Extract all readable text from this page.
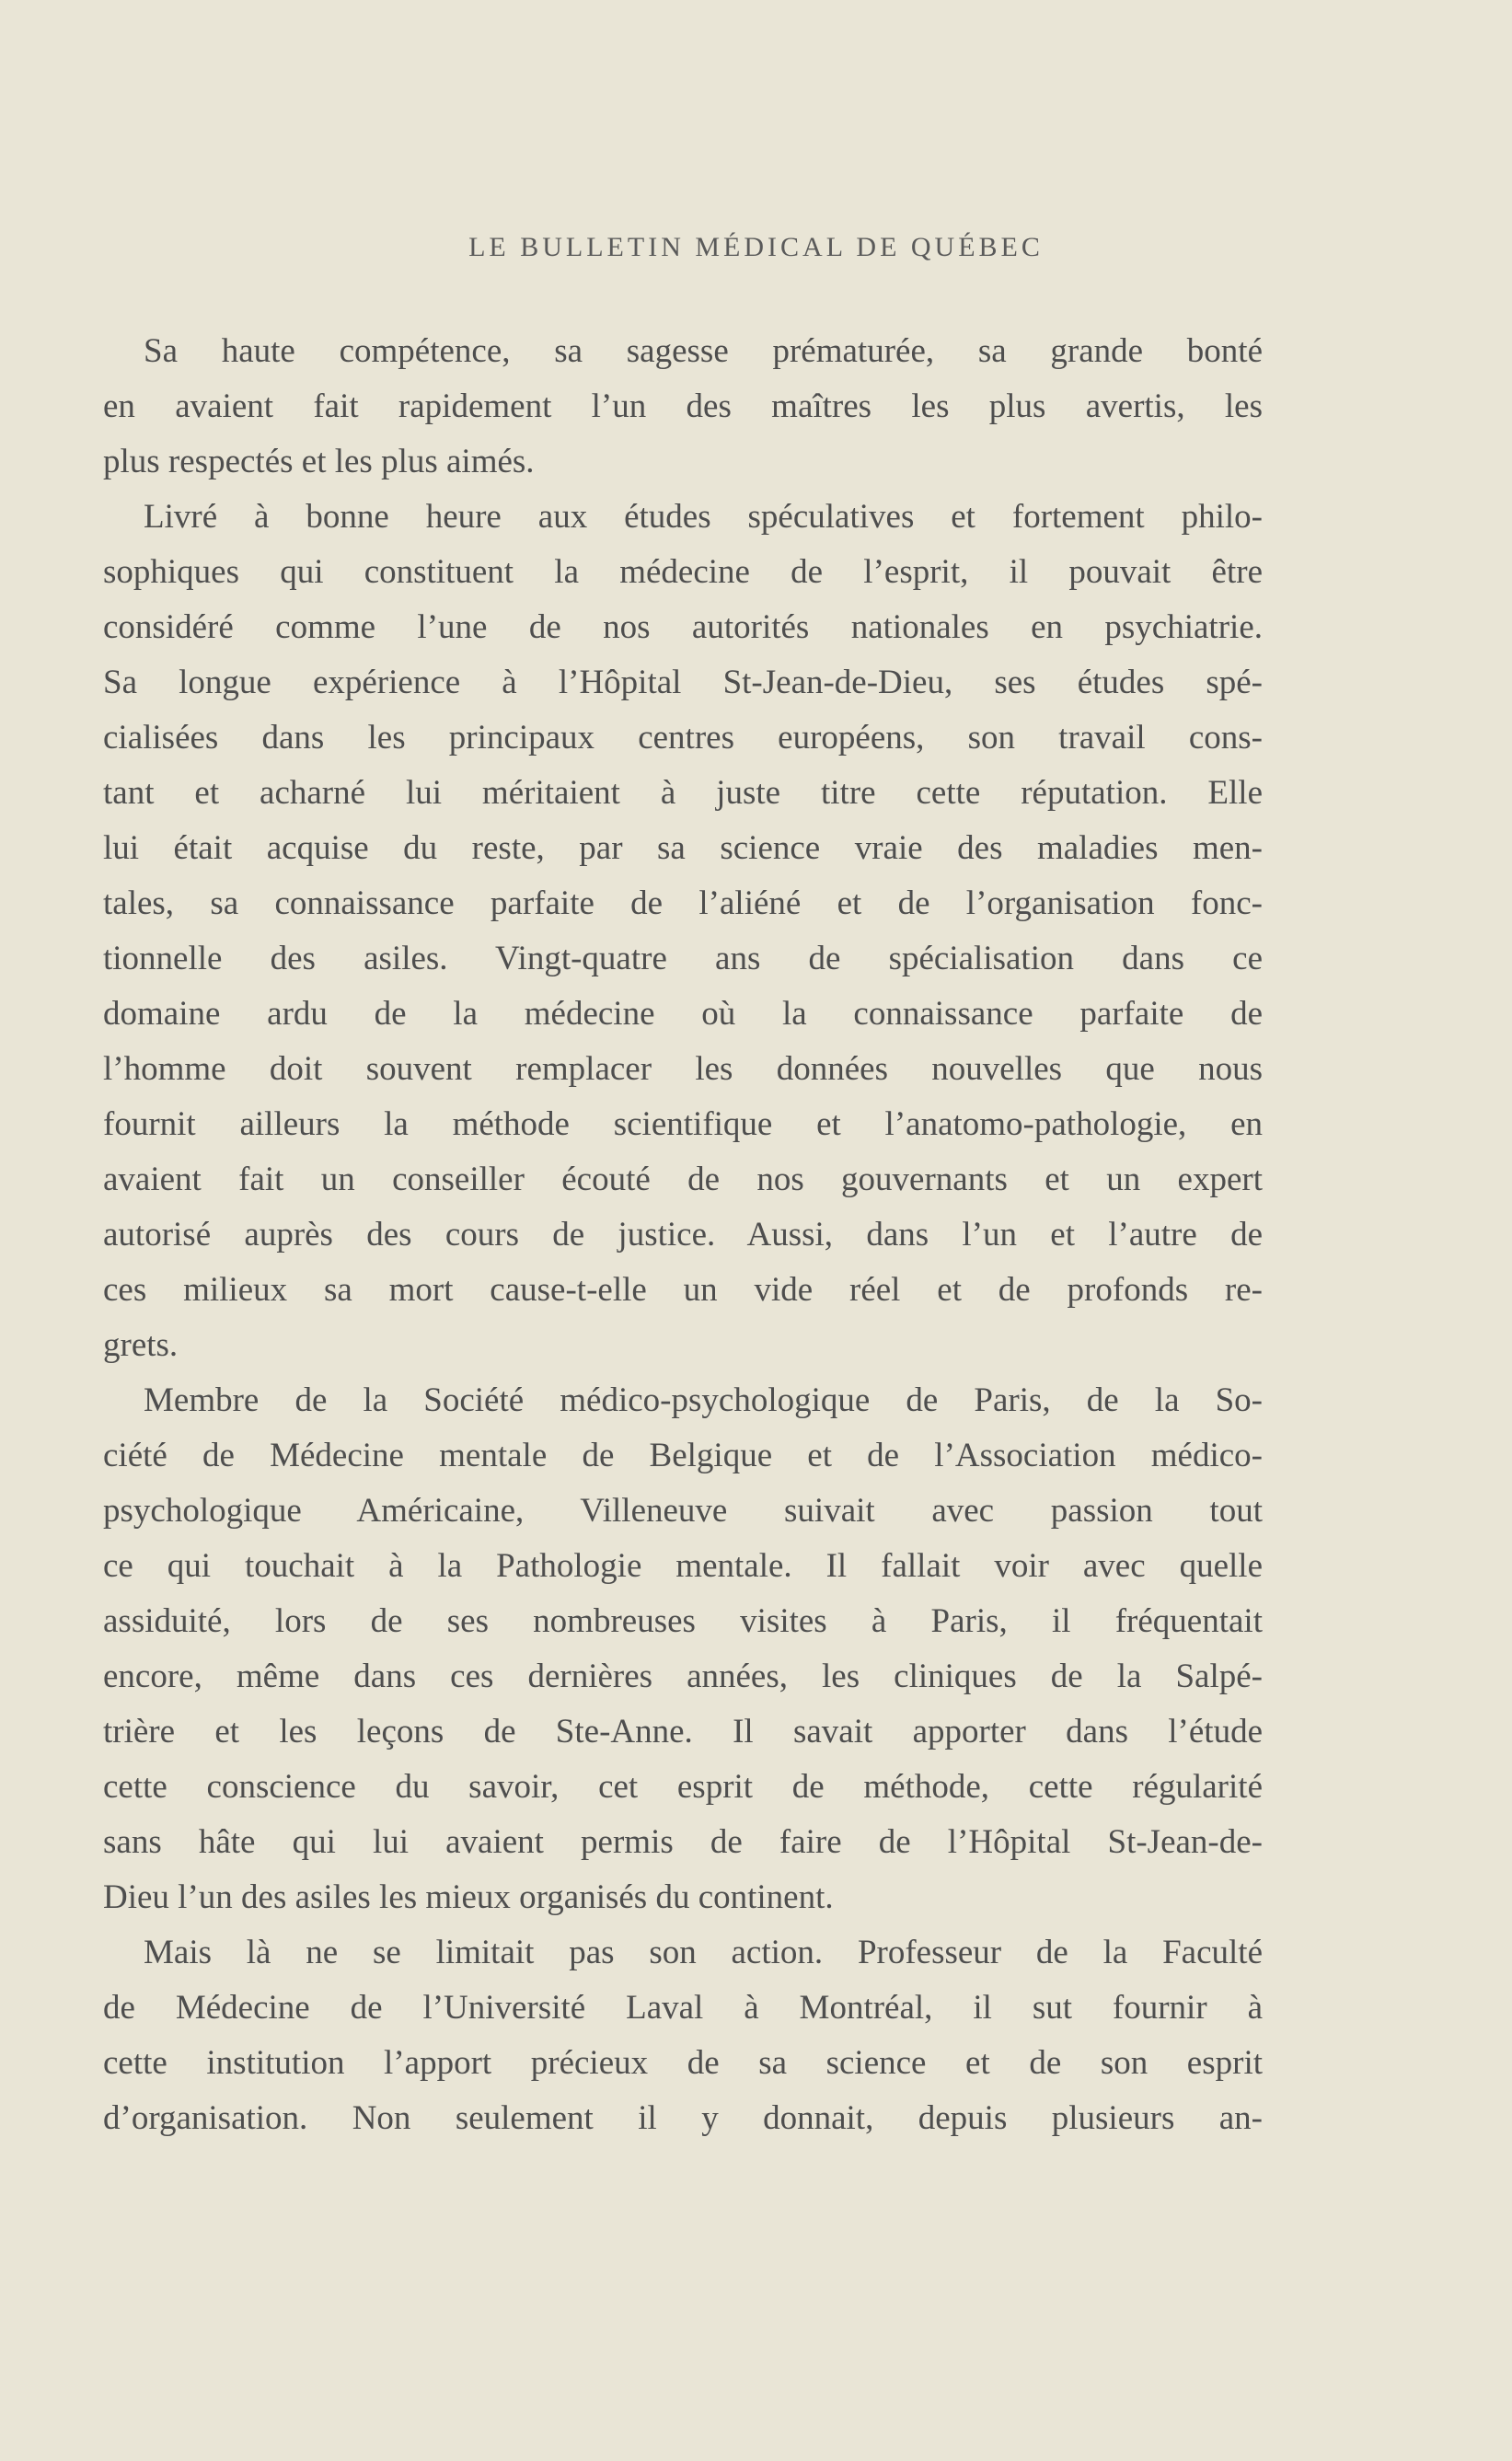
LE BULLETIN MÉDICAL DE QUÉBEC
Sa haute compétence, sa sagesse prématurée, sa grande bonté
en avaient fait rapidement l’un des maîtres les plus avertis, les
plus respectés et les plus aimés.
Livré à bonne heure aux études spéculatives et fortement philo-
sophiques qui constituent la médecine de l’esprit, il pouvait être
considéré comme l’une de nos autorités nationales en psychiatrie.
Sa longue expérience à l’Hôpital St-Jean-de-Dieu, ses études spé-
cialisées dans les principaux centres européens, son travail cons-
tant et acharné lui méritaient à juste titre cette réputation. Elle
lui était acquise du reste, par sa science vraie des maladies men-
tales, sa connaissance parfaite de l’aliéné et de l’organisation fonc-
tionnelle des asiles. Vingt-quatre ans de spécialisation dans ce
domaine ardu de la médecine où la connaissance parfaite de
l’homme doit souvent remplacer les données nouvelles que nous
fournit ailleurs la méthode scientifique et l’anatomo-pathologie, en
avaient fait un conseiller écouté de nos gouvernants et un expert
autorisé auprès des cours de justice. Aussi, dans l’un et l’autre de
ces milieux sa mort cause-t-elle un vide réel et de profonds re-
grets.
Membre de la Société médico-psychologique de Paris, de la So-
ciété de Médecine mentale de Belgique et de l’Association médico-
psychologique Américaine, Villeneuve suivait avec passion tout
ce qui touchait à la Pathologie mentale. Il fallait voir avec quelle
assiduité, lors de ses nombreuses visites à Paris, il fréquentait
encore, même dans ces dernières années, les cliniques de la Salpé-
trière et les leçons de Ste-Anne. Il savait apporter dans l’étude
cette conscience du savoir, cet esprit de méthode, cette régularité
sans hâte qui lui avaient permis de faire de l’Hôpital St-Jean-de-
Dieu l’un des asiles les mieux organisés du continent.
Mais là ne se limitait pas son action. Professeur de la Faculté
de Médecine de l’Université Laval à Montréal, il sut fournir à
cette institution l’apport précieux de sa science et de son esprit
d’organisation. Non seulement il y donnait, depuis plusieurs an-
